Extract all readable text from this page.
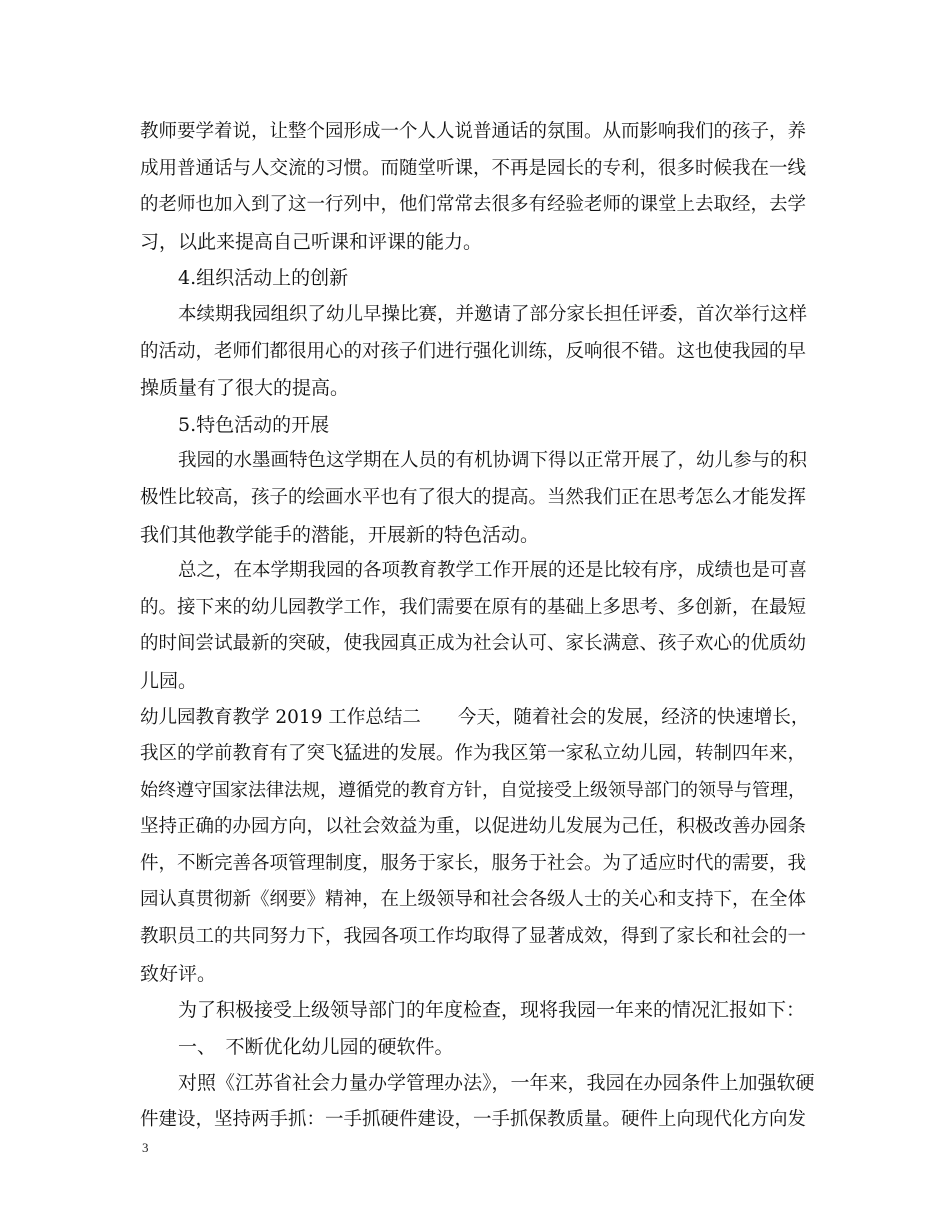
教师要学着说，让整个园形成一个人人说普通话的氛围。从而影响我们的孩子，养
成用普通话与人交流的习惯。而随堂听课，不再是园长的专利，很多时候我在一线
的老师也加入到了这一行列中，他们常常去很多有经验老师的课堂上去取经，去学
习，以此来提高自己听课和评课的能力。
4.组织活动上的创新
本续期我园组织了幼儿早操比赛，并邀请了部分家长担任评委，首次举行这样
的活动，老师们都很用心的对孩子们进行强化训练，反响很不错。这也使我园的早
操质量有了很大的提高。
5.特色活动的开展
我园的水墨画特色这学期在人员的有机协调下得以正常开展了，幼儿参与的积
极性比较高，孩子的绘画水平也有了很大的提高。当然我们正在思考怎么才能发挥
我们其他教学能手的潜能，开展新的特色活动。
总之，在本学期我园的各项教育教学工作开展的还是比较有序，成绩也是可喜
的。接下来的幼儿园教学工作，我们需要在原有的基础上多思考、多创新，在最短
的时间尝试最新的突破，使我园真正成为社会认可、家长满意、孩子欢心的优质幼
儿园。
幼儿园教育教学 2019 工作总结二　　今天，随着社会的发展，经济的快速增长，
我区的学前教育有了突飞猛进的发展。作为我区第一家私立幼儿园，转制四年来，
始终遵守国家法律法规，遵循党的教育方针，自觉接受上级领导部门的领导与管理，
坚持正确的办园方向，以社会效益为重，以促进幼儿发展为己任，积极改善办园条
件，不断完善各项管理制度，服务于家长，服务于社会。为了适应时代的需要，我
园认真贯彻新《纲要》精神，在上级领导和社会各级人士的关心和支持下，在全体
教职员工的共同努力下，我园各项工作均取得了显著成效，得到了家长和社会的一
致好评。
为了积极接受上级领导部门的年度检查，现将我园一年来的情况汇报如下：
一、　不断优化幼儿园的硬软件。
对照《江苏省社会力量办学管理办法》，一年来，我园在办园条件上加强软硬
件建设，坚持两手抓：一手抓硬件建设，一手抓保教质量。硬件上向现代化方向发
3
